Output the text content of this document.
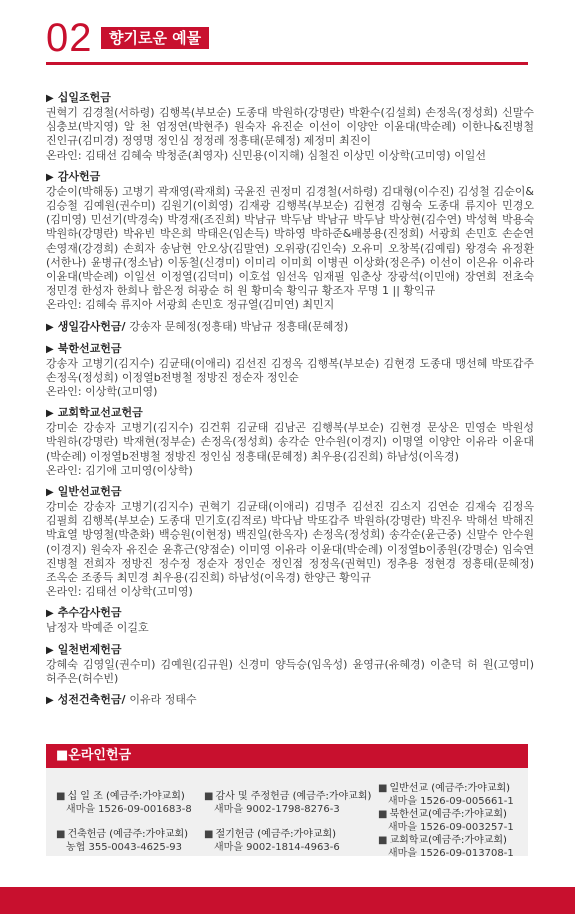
02	향기로운 예물
▶ 십일조헌금
권혁기 김경철(서하령) 김행복(부보순) 도종대 박원하(강명란) 박환수(김설희) 손정옥(정성희) 신말수 심충보(박지영) 알 천 엄정연(박현주) 원숙자 유진순 이선이 이양안 이윤대(박순례) 이한나&진병철 진인규(김미경) 정영명 정인심 정정레 정흥태(문혜정) 제정미 최진이
온라인: 김태선 김혜숙 박청준(최영자) 신민용(이지해) 심철진 이상민 이상학(고미영) 이일선
▶ 감사헌금
강순이(박해동) 고병기 곽재영(곽재희) 국윤진 권정미 김경철(서하령) 김대형(이수진) 김성철 김순이&김승철 김예원(권수미) 김원기(이희영) 김재광 김행복(부보순) 김현경 김형숙 도종대 류지아 민경오(김미영) 민선기(박경숙) 박경재(조진희) 박남규 박두남 박남규 박두남 박상현(김수연) 박성혁 박용숙 박원하(강명란) 박유빈 박은희 박태은(임손득) 박하영 박하준&배봉용(진정희) 서광희 손민호 손순연 손영재(강경희) 손희자 송남현 안오상(김말연) 오위광(김인숙) 오유미 오창복(김예림) 왕경숙 유정환(서한나) 윤병규(정소남) 이동철(신경미) 이미리 이미희 이병권 이상화(정은주) 이선이 이은유 이유라 이윤대(박순례) 이일선 이정열(김덕미) 이호섭 임선옥 임재필 임춘상 장광석(이민애) 장연희 전초숙 정민경 한성자 한희나 함은정 허광순 허 원 황미숙 황익규 황조자 무명 1 || 황익규
온라인: 김혜숙 류지아 서광희 손민호 정규열(김미연) 최민지
▶ 생일감사헌금/ 강송자 문혜정(정흥태) 박남규 정흥태(문혜정)
▶ 북한선교헌금
강송자 고병기(김지수) 김균태(이애리) 김선진 김정옥 김행복(부보순) 김현경 도종대 맹선혜 박또갑주 손정옥(정성희) 이정열b전병철 정방진 정순자 정인순
온라인: 이상학(고미영)
▶ 교회학교선교헌금
강미순 강송자 고병기(김지수) 김건휘 김균태 김남곤 김행복(부보순) 김현경 문상은 민영순 박원성 박원하(강명란) 박재현(정부순) 손정옥(정성희) 송각순 안수원(이경지) 이명열 이양안 이유라 이윤대(박순례) 이정열b전병철 정방진 정인심 정흥태(문혜정) 최우용(김진희) 하남성(이옥경)
온라인: 김기애 고미영(이상학)
▶ 일반선교헌금
강미순 강송자 고병기(김지수) 권혁기 김균태(이애리) 김명주 김선진 김소지 김연순 김재숙 김정옥 김필희 김행복(부보순) 도종대 민기호(김적로) 박다남 박또갑주 박원하(강명란) 박진우 박해선 박해진 박효열 방영철(박춘화) 백승원(이현정) 백진일(한옥자) 손정옥(정성희) 송각순(윤근중) 신말수 안수원(이경지) 원숙자 유진순 윤휴근(양점순) 이미영 이유라 이윤대(박순례) 이정열b이종원(강명순) 임숙연 진병철 전희자 정방진 정수정 정순자 정인순 정인점 정정옥(권혁민) 정추용 정현경 정흥태(문혜정) 조옥순 조종득 최민경 최우용(김진희) 하남성(이옥경) 한양근 황익규
온라인: 김태선 이상학(고미영)
▶ 추수감사헌금
남정자 박예준 이길호
▶ 일천번제헌금
강혜숙 김영일(권수미) 김예원(김규원) 신경미 양득승(임옥성) 윤영규(유혜경) 이춘덕 허 원(고영미) 허주은(허수빈)
▶ 성전건축헌금/ 이유라 정태수
■온라인헌금
■ 십 일 조 (예금주:가야교회)
새마을 1526-09-001683-8
■ 건축헌금 (예금주:가야교회)
농협 355-0043-4625-93
■ 감사 및 주정헌금 (예금주:가야교회)
새마을 9002-1798-8276-3
■ 절기헌금 (예금주:가야교회)
새마을 9002-1814-4963-6
■ 일반선교 (예금주:가야교회)
새마을 1526-09-005661-1
■ 북한선교(예금주:가야교회)
새마을 1526-09-003257-1
■ 교회학교(예금주:가야교회)
새마을 1526-09-013708-1
